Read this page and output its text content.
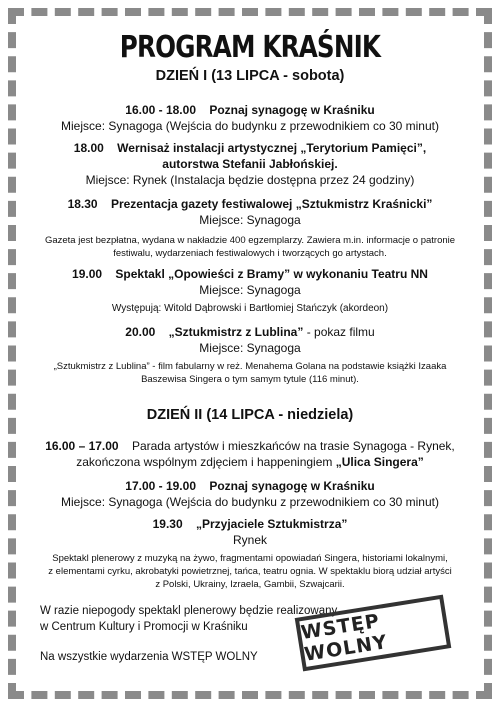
PROGRAM KRAŚNIK
DZIEŃ I (13 LIPCA - sobota)
16.00 - 18.00 Poznaj synagogę w Kraśniku
Miejsce: Synagoga (Wejścia do budynku z przewodnikiem co 30 minut)
18.00 Wernisaż instalacji artystycznej „Terytorium Pamięci”,
autorstwa Stefanii Jabłońskiej.
Miejsce: Rynek (Instalacja będzie dostępna przez 24 godziny)
18.30 Prezentacja gazety festiwalowej „Sztukmistrz Kraśnicki”
Miejsce: Synagoga
Gazeta jest bezpłatna, wydana w nakładzie 400 egzemplarzy. Zawiera m.in. informacje o patronie
festiwalu, wydarzeniach festiwalowych i tworzących go artystach.
19.00 Spektakl „Opowieści z Bramy” w wykonaniu Teatru NN
Miejsce: Synagoga
Występują: Witold Dąbrowski i Bartłomiej Stańczyk (akordeon)
20.00 „Sztukmistrz z Lublina” - pokaz filmu
Miejsce: Synagoga
„Sztukmistrz z Lublina” - film fabularny w reż. Menahema Golana na podstawie książki Izaaka
Baszewisa Singera o tym samym tytule (116 minut).
DZIEŃ II (14 LIPCA - niedziela)
16.00 – 17.00 Parada artystów i mieszkańców na trasie Synagoga - Rynek,
zakończona wspólnym zdjęciem i happeningiem „Ulica Singera”
17.00 - 19.00 Poznaj synagogę w Kraśniku
Miejsce: Synagoga (Wejścia do budynku z przewodnikiem co 30 minut)
19.30 „Przyjaciele Sztukmistrza”
Rynek
Spektakl plenerowy z muzyką na żywo, fragmentami opowiadań Singera, historiami lokalnymi,
z elementami cyrku, akrobatyki powietrznej, tańca, teatru ognia. W spektaklu biorą udział artyści
z Polski, Ukrainy, Izraela, Gambii, Szwajcarii.
W razie niepogody spektakl plenerowy będzie realizowany
w Centrum Kultury i Promocji w Kraśniku
Na wszystkie wydarzenia WSTĘP WOLNY
WSTĘP WOLNY
